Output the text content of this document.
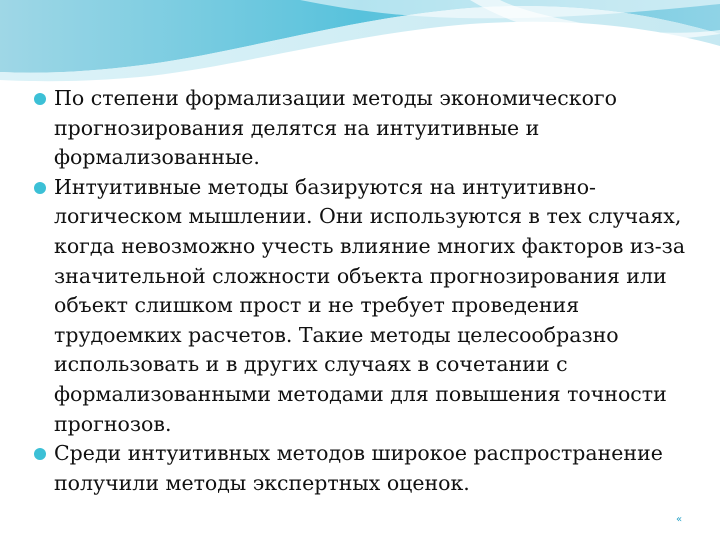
По степени формализации методы экономического прогнозирования делятся на интуитивные и формализованные.
Интуитивные методы базируются на интуитивно-логическом мышлении. Они используются в тех случаях, когда невозможно учесть влияние многих факторов из-за значительной сложности объекта прогнозирования или объект слишком прост и не требует проведения трудоемких расчетов. Такие методы целесообразно использовать и в других случаях в сочетании с формализованными методами для повышения точности прогнозов.
Среди интуитивных методов широкое распространение получили методы экспертных оценок.
«
